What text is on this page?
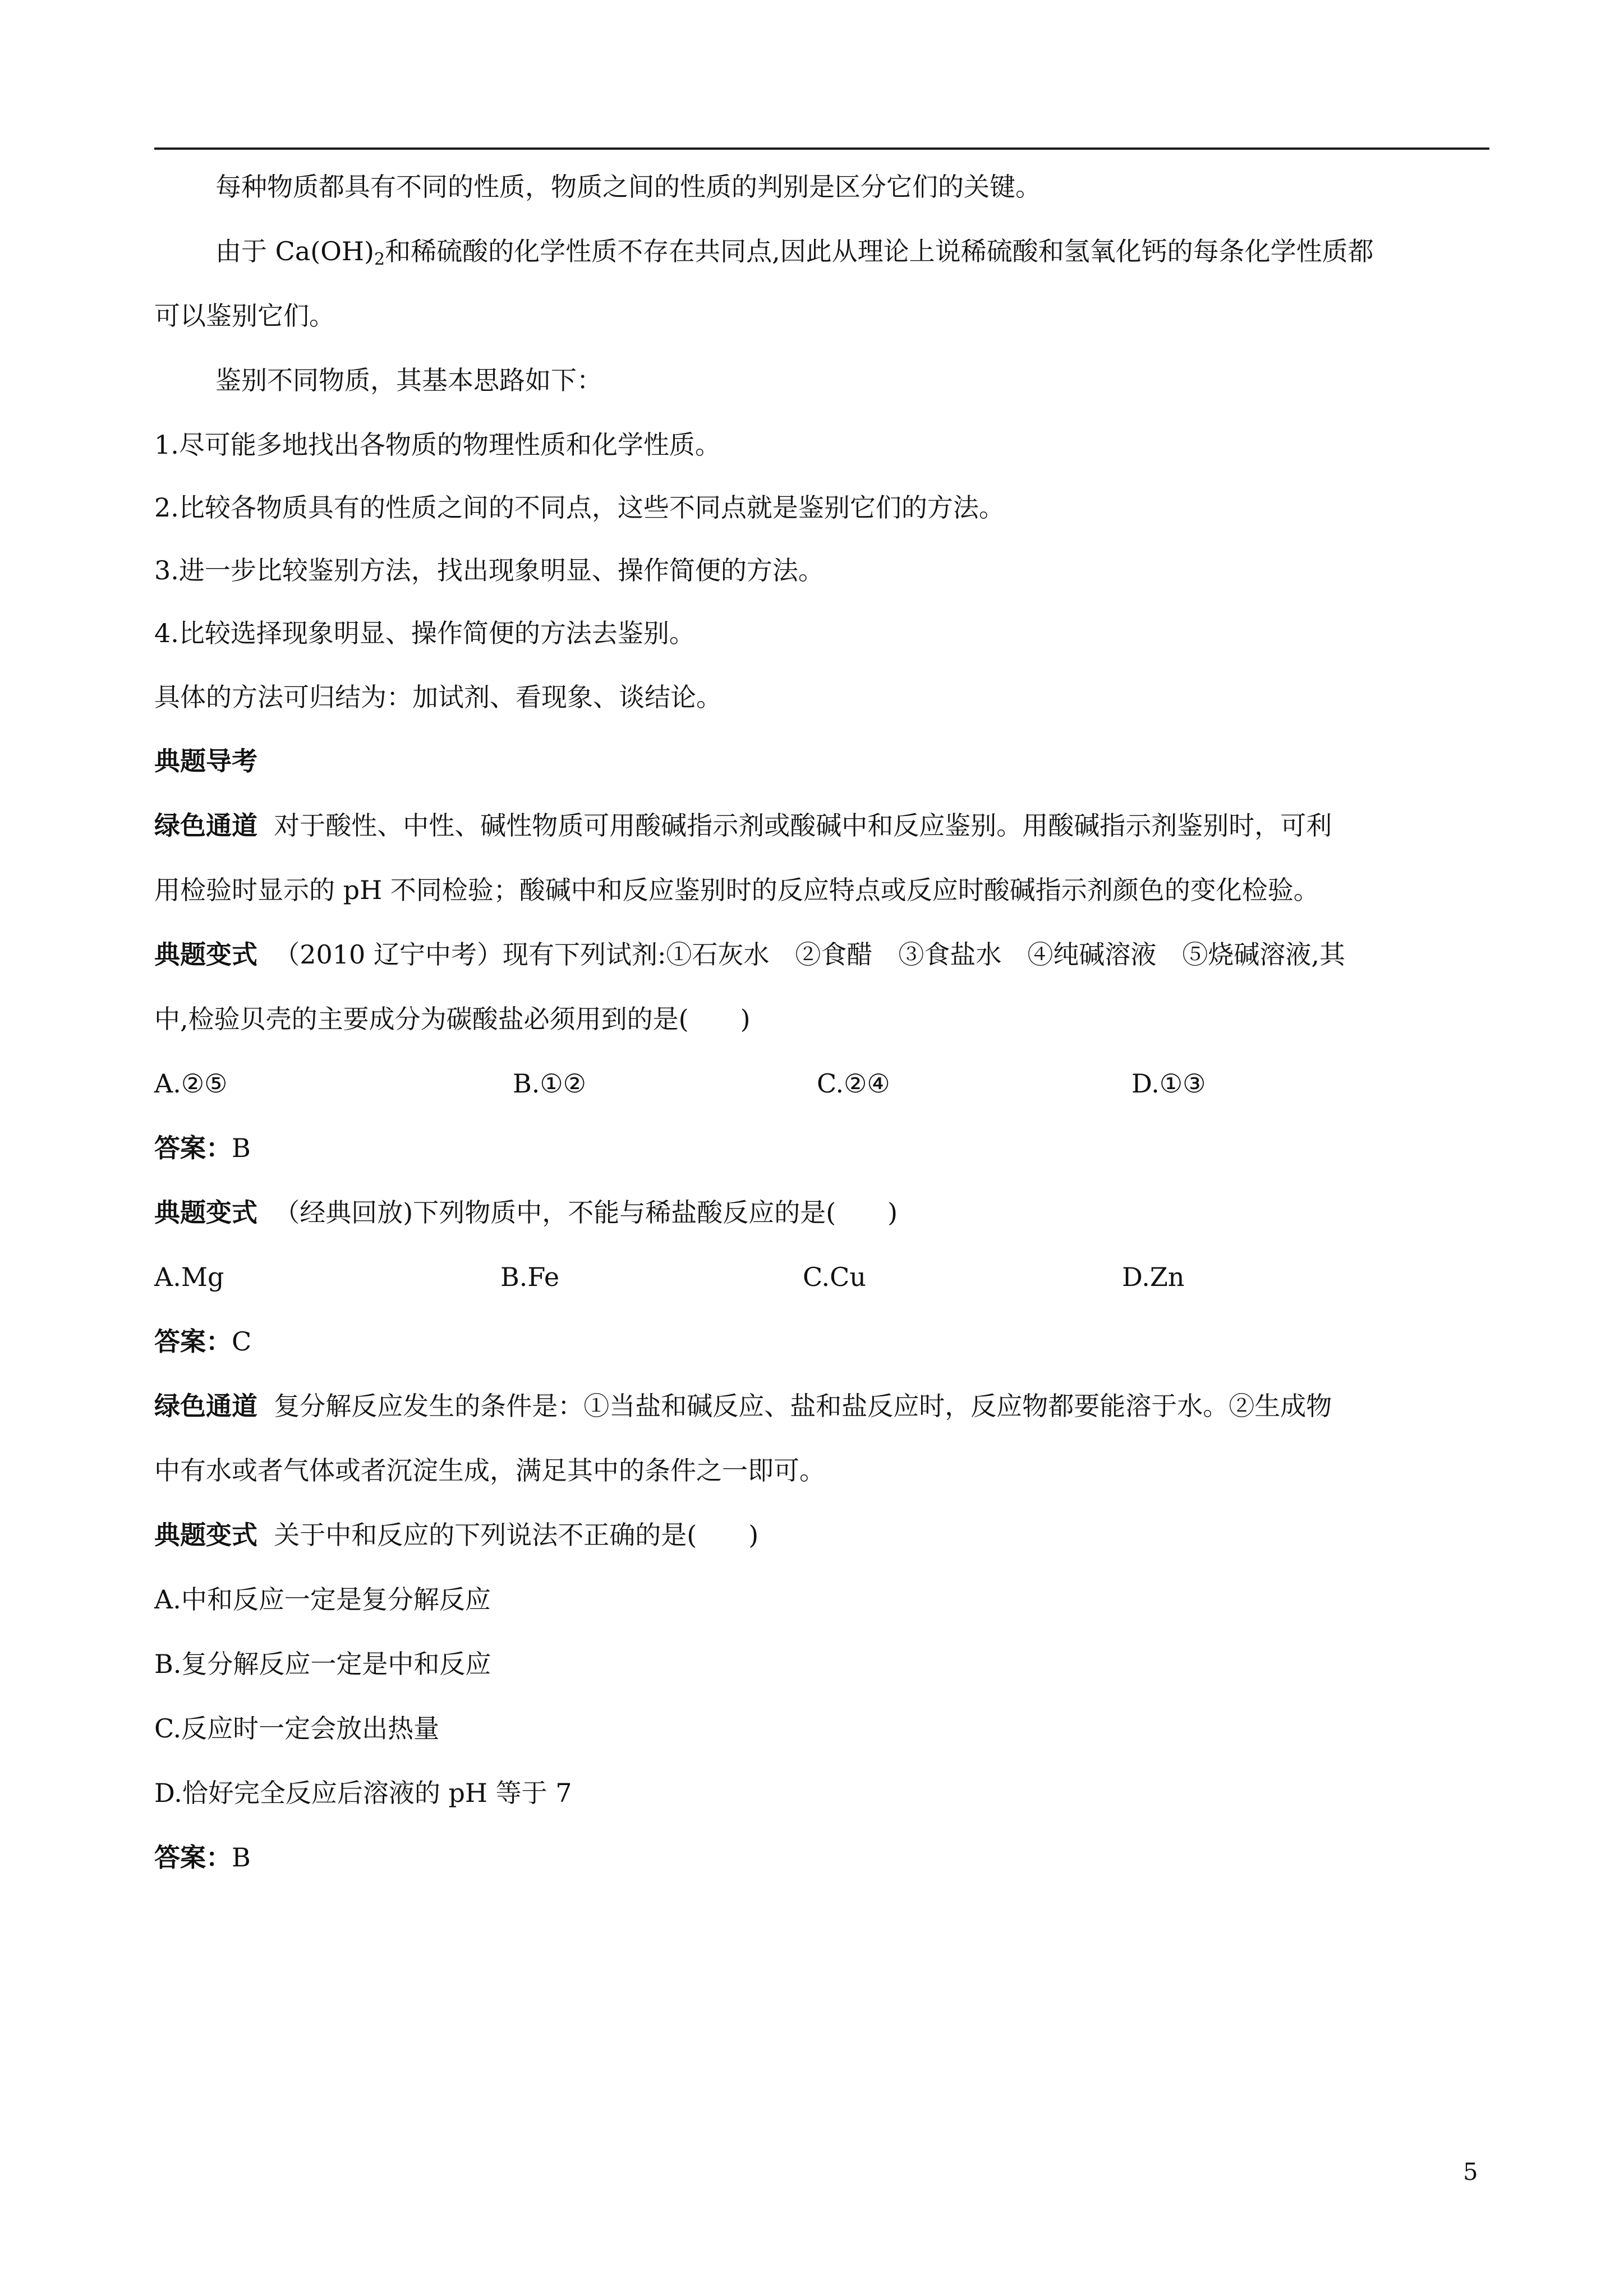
每种物质都具有不同的性质，物质之间的性质的判别是区分它们的关键。
由于 $Ca(OH)_2$和稀硫酸的化学性质不存在共同点,因此从理论上说稀硫酸和氢氧化钙的每条化学性质都
可以鉴别它们。
鉴别不同物质，其基本思路如下：
1.尽可能多地找出各物质的物理性质和化学性质。
2.比较各物质具有的性质之间的不同点，这些不同点就是鉴别它们的方法。
3.进一步比较鉴别方法，找出现象明显、操作简便的方法。
4.比较选择现象明显、操作简便的方法去鉴别。
具体的方法可归结为：加试剂、看现象、谈结论。
典题导考
绿色通道 对于酸性、中性、碱性物质可用酸碱指示剂或酸碱中和反应鉴别。用酸碱指示剂鉴别时，可利
用检验时显示的 pH 不同检验；酸碱中和反应鉴别时的反应特点或反应时酸碱指示剂颜色的变化检验。
典题变式 （2010 辽宁中考）现有下列试剂:①石灰水　②食醋　③食盐水　④纯碱溶液　⑤烧碱溶液,其
中,检验贝壳的主要成分为碳酸盐必须用到的是(　　)
A.②⑤	B.①②	C.②④	D.①③
答案：B
典题变式 （经典回放)下列物质中，不能与稀盐酸反应的是(　　)
A.Mg	B.Fe	C.Cu	D.Zn
答案：C
绿色通道 复分解反应发生的条件是：①当盐和碱反应、盐和盐反应时，反应物都要能溶于水。②生成物
中有水或者气体或者沉淀生成，满足其中的条件之一即可。
典题变式 关于中和反应的下列说法不正确的是(　　)
A.中和反应一定是复分解反应
B.复分解反应一定是中和反应
C.反应时一定会放出热量
D.恰好完全反应后溶液的 pH 等于 7
答案：B
5
